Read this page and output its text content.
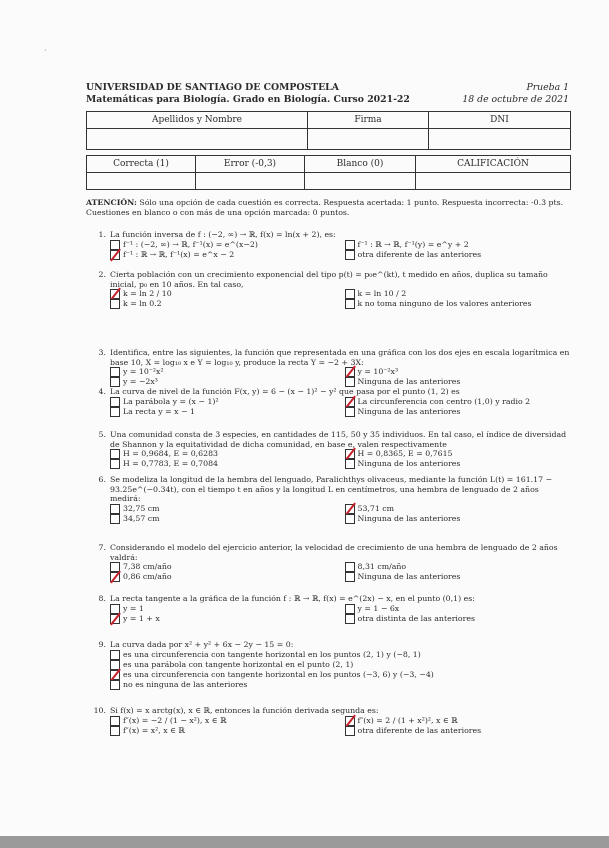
·
UNIVERSIDAD DE SANTIAGO DE COMPOSTELA
Matemáticas para Biología. Grado en Biología. Curso 2021-22
Prueba 1
18 de octubre de 2021
Apellidos y Nombre	Firma	DNI

Correcta (1)	Error (-0,3)	Blanco (0)	CALIFICACIÓN

ATENCIÓN: Sólo una opción de cada cuestión es correcta. Respuesta acertada: 1 punto. Respuesta incorrecta: -0.3 pts. Cuestiones en blanco o con más de una opción marcada: 0 puntos.
1. La función inversa de f : (−2, ∞) → ℝ, f(x) = ln(x + 2), es:
f⁻¹ : (−2, ∞) → ℝ, f⁻¹(x) = e^(x−2)	f⁻¹ : ℝ → ℝ, f⁻¹(y) = e^y + 2
f⁻¹ : ℝ → ℝ, f⁻¹(x) = e^x − 2	otra diferente de las anteriores
2. Cierta población con un crecimiento exponencial del tipo p(t) = p₀e^(kt), t medido en años, duplica su tamaño inicial, p₀ en 10 años. En tal caso,
k = ln 2 / 10	k = ln 10 / 2
k = ln 0.2	k no toma ninguno de los valores anteriores
3. Identifica, entre las siguientes, la función que representada en una gráfica con los dos ejes en escala logarítmica en base 10, X = log₁₀ x e Y = log₁₀ y, produce la recta Y = −2 + 3X:
y = 10⁻²x²	y = 10⁻²x³
y = −2x³	Ninguna de las anteriores
4. La curva de nivel de la función F(x, y) = 6 − (x − 1)² − y² que pasa por el punto (1, 2) es
La parábola y = (x − 1)²	La circunferencia con centro (1,0) y radio 2
La recta y = x − 1	Ninguna de las anteriores
5. Una comunidad consta de 3 especies, en cantidades de 115, 50 y 35 individuos. En tal caso, el índice de diversidad de Shannon y la equitatividad de dicha comunidad, en base e, valen respectivamente
H = 0,9684, E = 0,6283	H = 0,8365, E = 0,7615
H = 0,7783, E = 0,7084	Ninguna de los anteriores
6. Se modeliza la longitud de la hembra del lenguado, Paralichthys olivaceus, mediante la función L(t) = 161.17 − 93.25e^(−0.34t), con el tiempo t en años y la longitud L en centímetros, una hembra de lenguado de 2 años medirá:
32,75 cm	53,71 cm
34,57 cm	Ninguna de las anteriores
7. Considerando el modelo del ejercicio anterior, la velocidad de crecimiento de una hembra de lenguado de 2 años valdrá:
7,38 cm/año	8,31 cm/año
0,86 cm/año	Ninguna de las anteriores
8. La recta tangente a la gráfica de la función f : ℝ → ℝ, f(x) = e^(2x) − x, en el punto (0,1) es:
y = 1	y = 1 − 6x
y = 1 + x	otra distinta de las anteriores
9. La curva dada por x² + y² + 6x − 2y − 15 = 0:
es una circunferencia con tangente horizontal en los puntos (2, 1) y (−8, 1)
es una parábola con tangente horizontal en el punto (2, 1)
es una circunferencia con tangente horizontal en los puntos (−3, 6) y (−3, −4)
no es ninguna de las anteriores
10. Si f(x) = x arctg(x), x ∈ ℝ, entonces la función derivada segunda es:
f″(x) = −2 / (1 − x²), x ∈ ℝ	f″(x) = 2 / (1 + x²)², x ∈ ℝ
f″(x) = x², x ∈ ℝ	otra diferente de las anteriores
